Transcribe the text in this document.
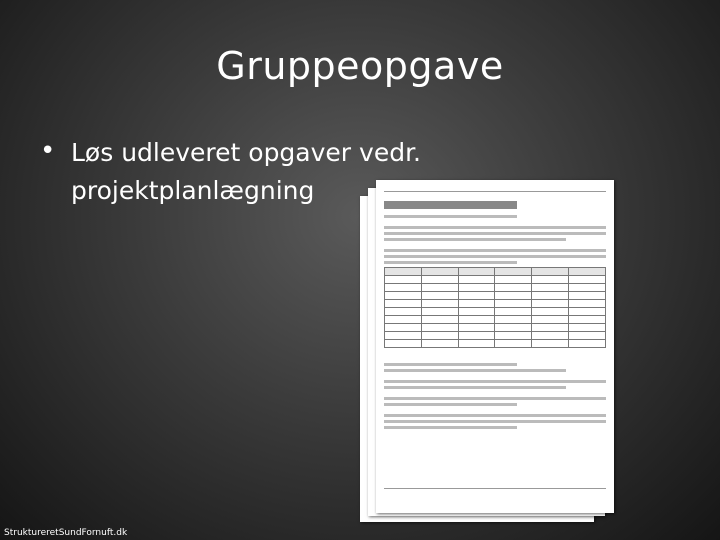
Gruppeopgave
• Løs udleveret opgaver vedr. projektplanlægning

StruktureretSundFornuft.dk
